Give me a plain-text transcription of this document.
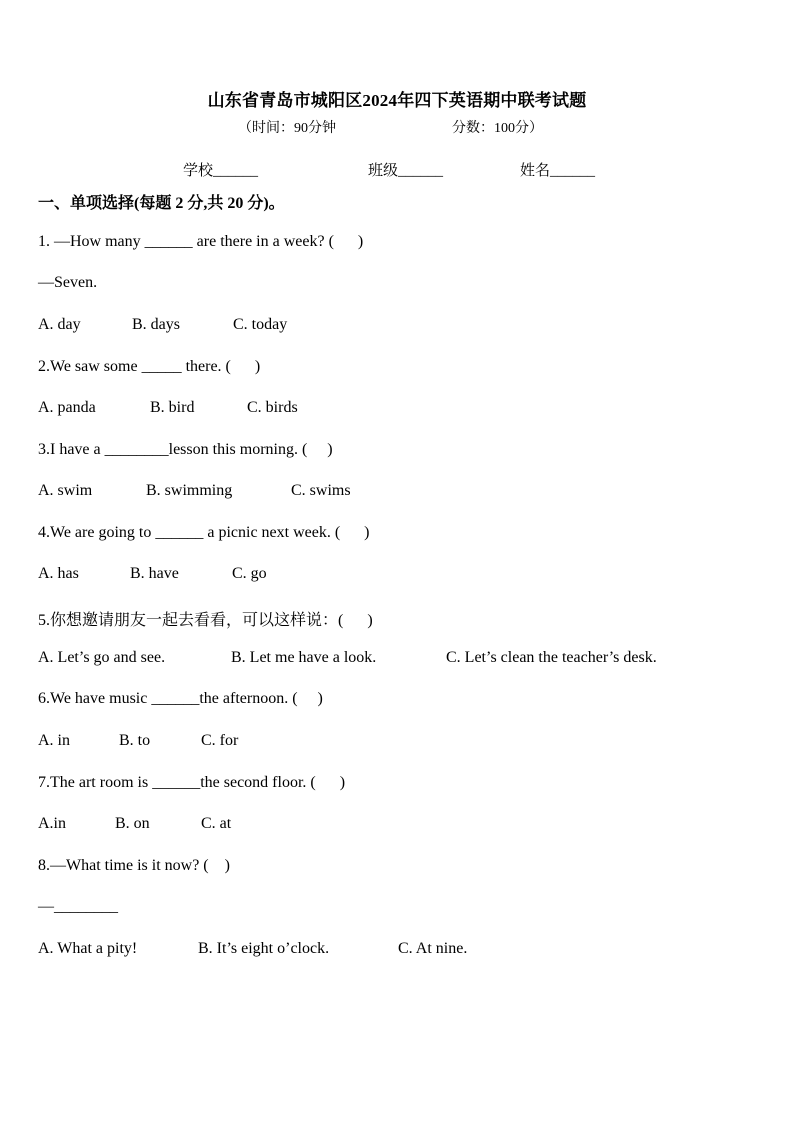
山东省青岛市城阳区2024年四下英语期中联考试题
（时间：90分钟	分数：100分）
学校______	班级______	姓名______
一、单项选择(每题 2 分,共 20 分)。
1. —How many ______ are there in a week? (      )
—Seven.
A. day	B. days	C. today
2.We saw some _____ there. (      )
A. panda	B. bird	C. birds
3.I have a ________lesson this morning. (     )
A. swim	B. swimming	C. swims
4.We are going to ______ a picnic next week. (      )
A. has	B. have	C. go
5.你想邀请朋友一起去看看，可以这样说：(      )
A. Let’s go and see.	B. Let me have a look.	C. Let’s clean the teacher’s desk.
6.We have music ______the afternoon. (     )
A. in	B. to	C. for
7.The art room is ______the second floor. (      )
A.in	B. on	C. at
8.—What time is it now? (    )
—________
A. What a pity!	B. It’s eight o’clock.	C. At nine.
